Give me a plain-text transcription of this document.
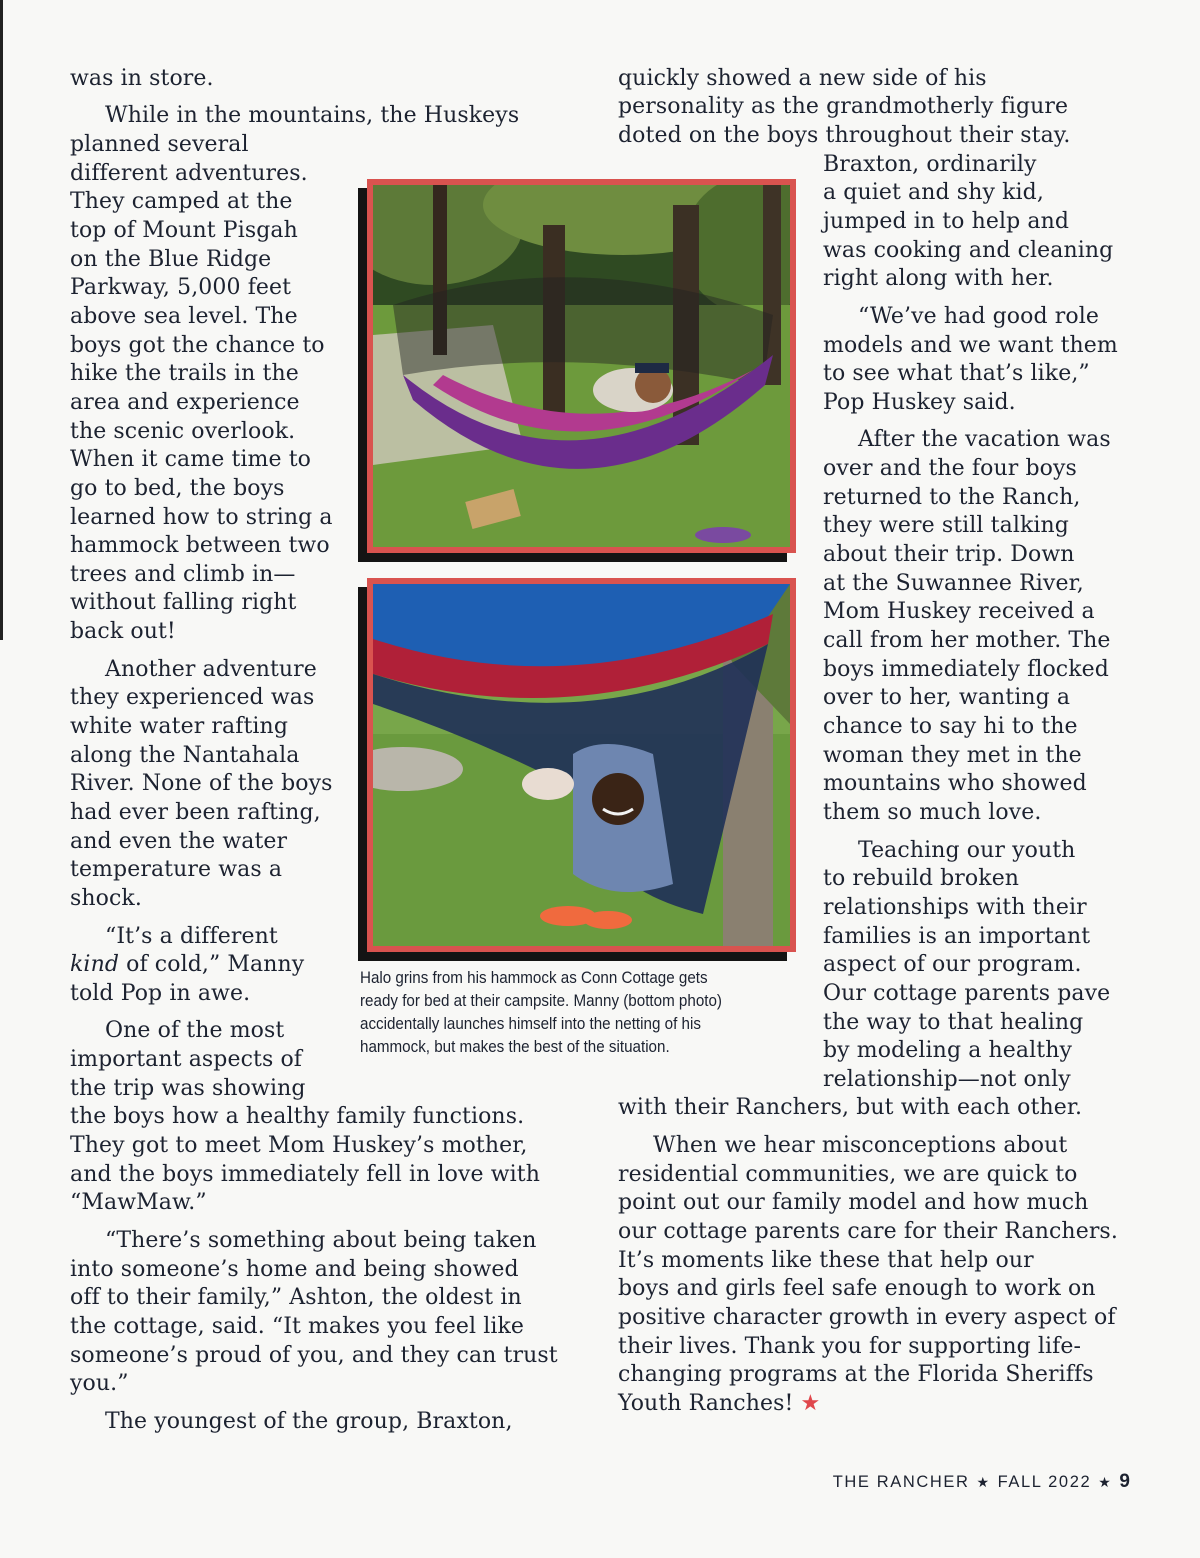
was in store.
While in the mountains, the Huskeys
planned several
different adventures.
They camped at the
top of Mount Pisgah
on the Blue Ridge
Parkway, 5,000 feet
above sea level. The
boys got the chance to
hike the trails in the
area and experience
the scenic overlook.
When it came time to
go to bed, the boys
learned how to string a
hammock between two
trees and climb in—
without falling right
back out!
Another adventure
they experienced was
white water rafting
along the Nantahala
River. None of the boys
had ever been rafting,
and even the water
temperature was a
shock.
“It’s a different
kind of cold,” Manny
told Pop in awe.
One of the most
important aspects of
the trip was showing
the boys how a healthy family functions.
They got to meet Mom Huskey’s mother,
and the boys immediately fell in love with
“MawMaw.”
“There’s something about being taken
into someone’s home and being showed
off to their family,” Ashton, the oldest in
the cottage, said. “It makes you feel like
someone’s proud of you, and they can trust
you.”
The youngest of the group, Braxton,
quickly showed a new side of his
personality as the grandmotherly figure
doted on the boys throughout their stay.
Braxton, ordinarily
a quiet and shy kid,
jumped in to help and
was cooking and cleaning
right along with her.
“We’ve had good role
models and we want them
to see what that’s like,”
Pop Huskey said.
After the vacation was
over and the four boys
returned to the Ranch,
they were still talking
about their trip. Down
at the Suwannee River,
Mom Huskey received a
call from her mother. The
boys immediately flocked
over to her, wanting a
chance to say hi to the
woman they met in the
mountains who showed
them so much love.
Teaching our youth
to rebuild broken
relationships with their
families is an important
aspect of our program.
Our cottage parents pave
the way to that healing
by modeling a healthy
relationship—not only
with their Ranchers, but with each other.
When we hear misconceptions about
residential communities, we are quick to
point out our family model and how much
our cottage parents care for their Ranchers.
It’s moments like these that help our
boys and girls feel safe enough to work on
positive character growth in every aspect of
their lives. Thank you for supporting life-
changing programs at the Florida Sheriffs
Youth Ranches! ★
Halo grins from his hammock as Conn Cottage gets
ready for bed at their campsite. Manny (bottom photo)
accidentally launches himself into the netting of his
hammock, but makes the best of the situation.
THE RANCHER ★ FALL 2022 ★ 9
